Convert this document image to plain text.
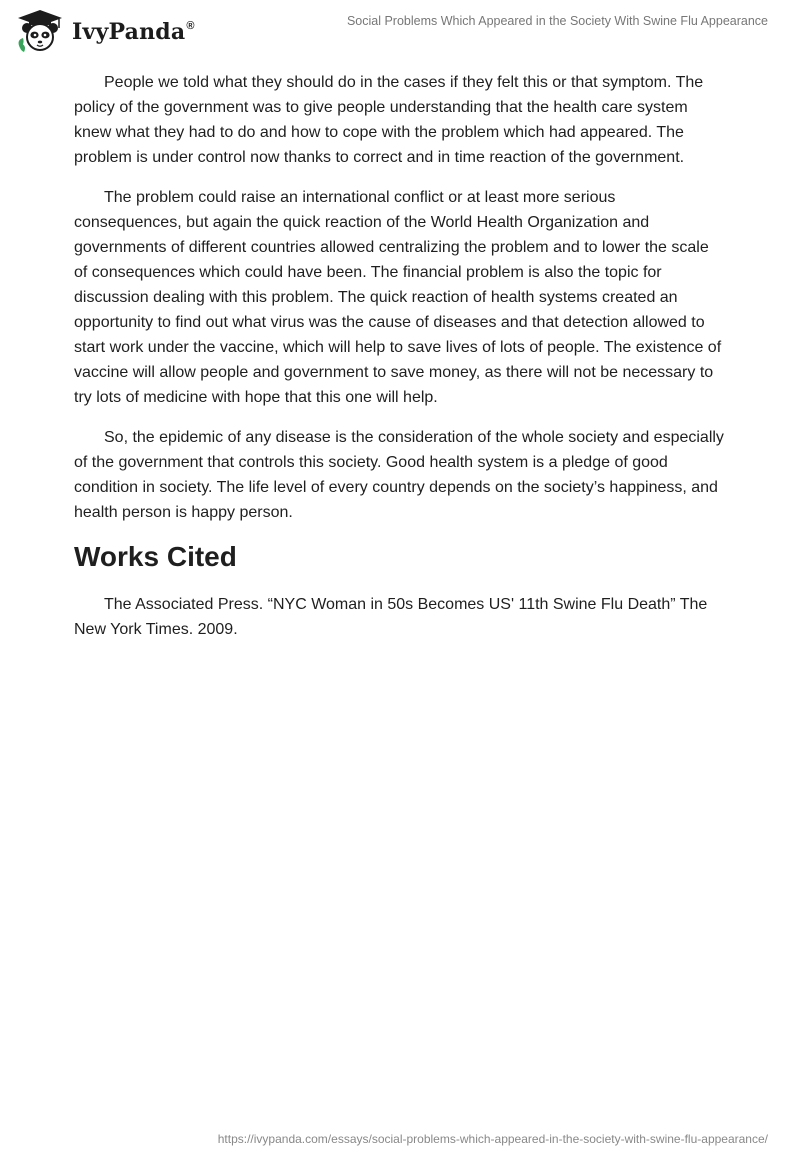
IvyPanda®	Social Problems Which Appeared in the Society With Swine Flu Appearance

People we told what they should do in the cases if they felt this or that symptom. The policy of the government was to give people understanding that the health care system knew what they had to do and how to cope with the problem which had appeared. The problem is under control now thanks to correct and in time reaction of the government.

The problem could raise an international conflict or at least more serious consequences, but again the quick reaction of the World Health Organization and governments of different countries allowed centralizing the problem and to lower the scale of consequences which could have been. The financial problem is also the topic for discussion dealing with this problem. The quick reaction of health systems created an opportunity to find out what virus was the cause of diseases and that detection allowed to start work under the vaccine, which will help to save lives of lots of people. The existence of vaccine will allow people and government to save money, as there will not be necessary to try lots of medicine with hope that this one will help.

So, the epidemic of any disease is the consideration of the whole society and especially of the government that controls this society. Good health system is a pledge of good condition in society. The life level of every country depends on the society’s happiness, and health person is happy person.

Works Cited

The Associated Press. “NYC Woman in 50s Becomes US' 11th Swine Flu Death” The New York Times. 2009.

https://ivypanda.com/essays/social-problems-which-appeared-in-the-society-with-swine-flu-appearance/
